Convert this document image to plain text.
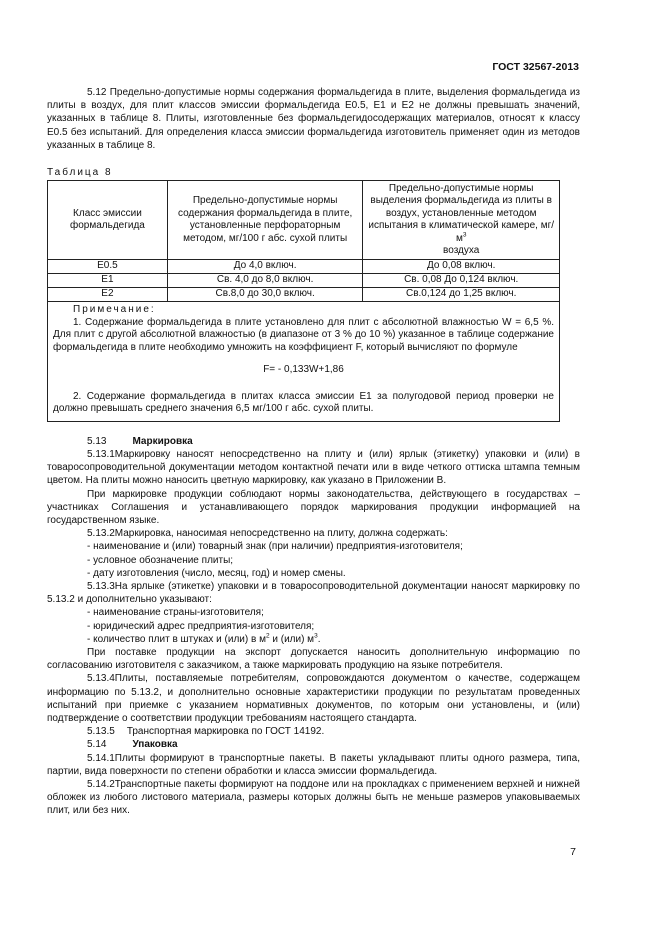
ГОСТ 32567-2013

5.12 Предельно-допустимые нормы содержания формальдегида в плите, выделения формальдегида из плиты в воздух, для плит классов эмиссии формальдегида Е0.5, Е1 и Е2 не должны превышать значений, указанных в таблице 8. Плиты, изготовленные без формальдегидосодержащих материалов, относят к классу Е0.5 без испытаний. Для определения класса эмиссии формальдегида изготовитель применяет один из методов указанных в таблице 8.

Таблица 8
Класс эмиссии формальдегида	Предельно-допустимые нормы содержания формальдегида в плите, установленные перфораторным методом, мг/100 г абс. сухой плиты	Предельно-допустимые нормы выделения формальдегида из плиты в воздух, установленные методом испытания в климатической камере, $мг/м^3$
воздуха
Е0.5	До 4,0 включ.	До 0,08 включ.
Е1	Св. 4,0 до 8,0 включ.	Св. 0,08 До 0,124 включ.
Е2	Св.8,0 до 30,0 включ.	Св.0,124 до 1,25 включ.

Примечание:

1. Содержание формальдегида в плите установлено для плит с абсолютной влажностью W = 6,5 %. Для плит с другой абсолютной влажностью (в диапазоне от 3 % до 10 %) указанное в таблице содержание формальдегида в плите необходимо умножить на коэффициент F, который вычисляют по формуле

F= - 0,133W+1,86

2. Содержание формальдегида в плитах класса эмиссии Е1 за полугодовой период проверки не должно превышать среднего значения 6,5 мг/100 г абс. сухой плиты.		

5.13	Маркировка

5.13.1Маркировку наносят непосредственно на плиту и (или) ярлык (этикетку) упаковки и (или) в товаросопроводительной документации методом контактной печати или в виде четкого оттиска штампа темным цветом. На плиты можно наносить цветную маркировку, как указано в Приложении В.

При маркировке продукции соблюдают нормы законодательства, действующего в государствах – участниках Соглашения и устанавливающего порядок маркирования продукции информацией на государственном языке.

5.13.2Маркировка, наносимая непосредственно на плиту, должна содержать:

- наименование и (или) товарный знак (при наличии) предприятия-изготовителя;

- условное обозначение плиты;

- дату изготовления (число, месяц, год) и номер смены.

5.13.3На ярлыке (этикетке) упаковки и в товаросопроводительной документации наносят маркировку по 5.13.2 и дополнительно указывают:

- наименование страны-изготовителя;

- юридический адрес предприятия-изготовителя;

- количество плит в штуках и (или) в $м^2$ и (или) $м^3$.

При поставке продукции на экспорт допускается наносить дополнительную информацию по согласованию изготовителя с заказчиком, а также маркировать продукцию на языке потребителя.

5.13.4Плиты, поставляемые потребителям, сопровождаются документом о качестве, содержащем информацию по 5.13.2, и дополнительно основные характеристики продукции по результатам проведенных испытаний при приемке с указанием нормативных документов, по которым они установлены, и (или) подтверждение о соответствии продукции требованиям настоящего стандарта.

5.13.5 Транспортная маркировка по ГОСТ 14192.

5.14	Упаковка

5.14.1Плиты формируют в транспортные пакеты. В пакеты укладывают плиты одного размера, типа, партии, вида поверхности по степени обработки и класса эмиссии формальдегида.

5.14.2Транспортные пакеты формируют на поддоне или на прокладках с применением верхней и нижней обложек из любого листового материала, размеры которых должны быть не меньше размеров упаковываемых плит, или без них.

7
